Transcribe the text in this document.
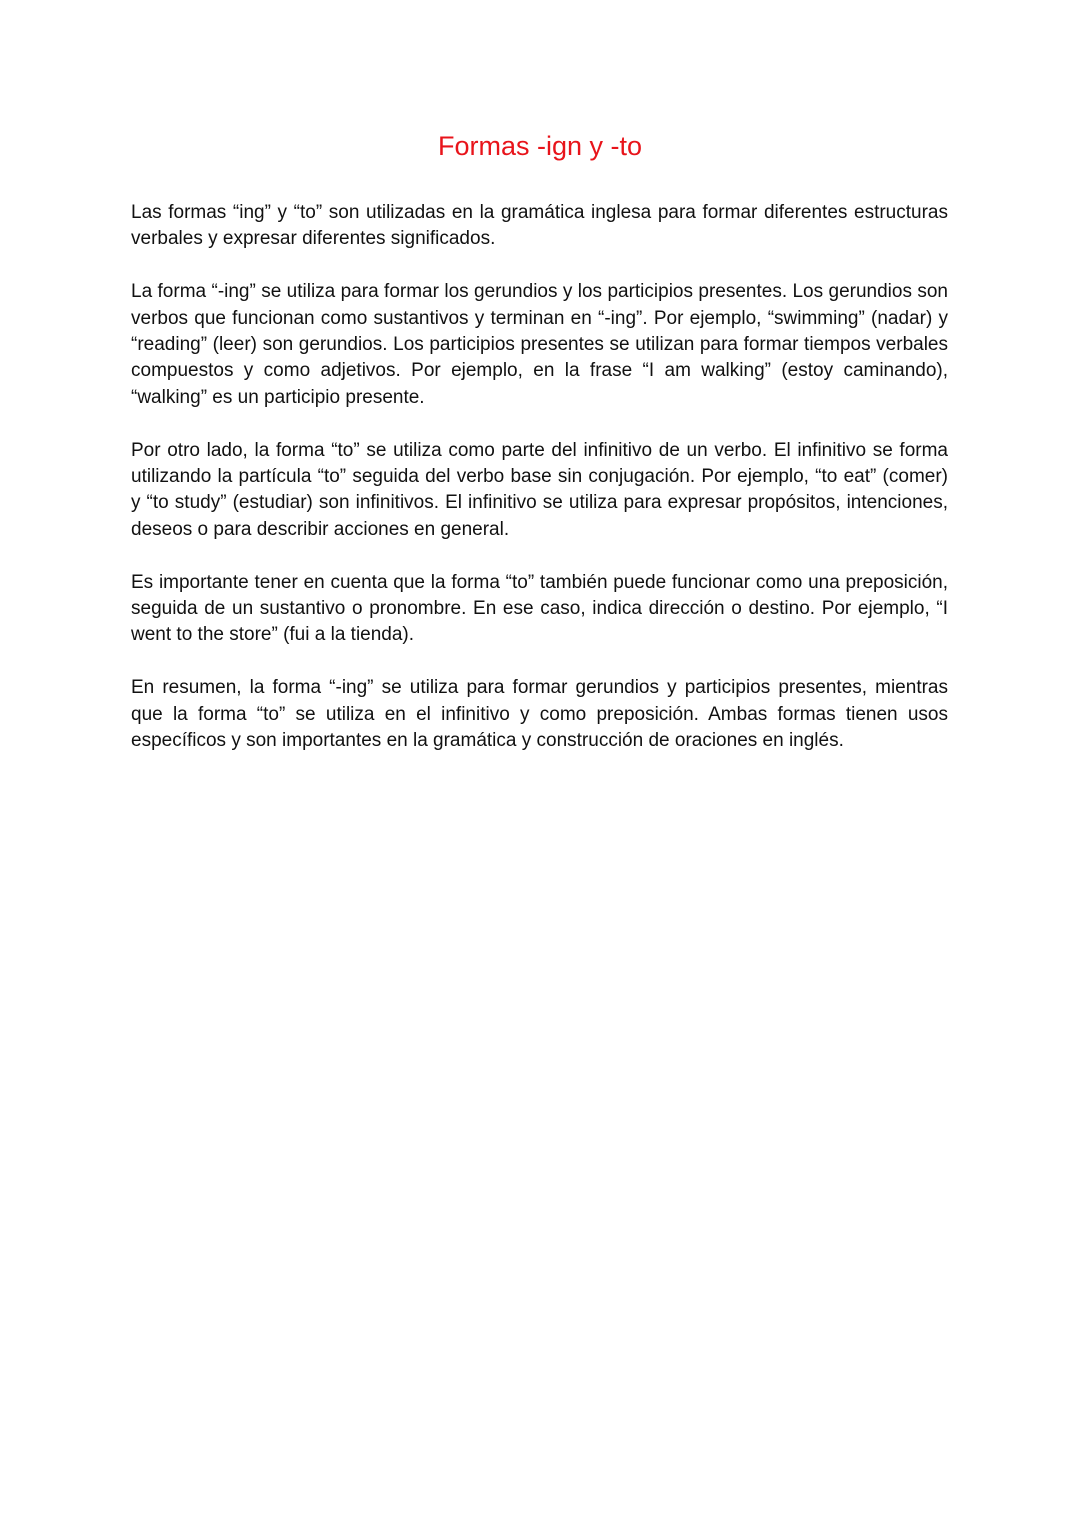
Formas -ign y -to

Las formas “ing” y “to” son utilizadas en la gramática inglesa para formar diferentes estructuras verbales y expresar diferentes significados.

La forma “-ing” se utiliza para formar los gerundios y los participios presentes. Los gerundios son verbos que funcionan como sustantivos y terminan en “-ing”. Por ejemplo, “swimming” (nadar) y “reading” (leer) son gerundios. Los participios presentes se utilizan para formar tiempos verbales compuestos y como adjetivos. Por ejemplo, en la frase “I am walking” (estoy caminando), “walking” es un participio presente.

Por otro lado, la forma “to” se utiliza como parte del infinitivo de un verbo. El infinitivo se forma utilizando la partícula “to” seguida del verbo base sin conjugación. Por ejemplo, “to eat” (comer) y “to study” (estudiar) son infinitivos. El infinitivo se utiliza para expresar propósitos, intenciones, deseos o para describir acciones en general.

Es importante tener en cuenta que la forma “to” también puede funcionar como una preposición, seguida de un sustantivo o pronombre. En ese caso, indica dirección o destino. Por ejemplo, “I went to the store” (fui a la tienda).

En resumen, la forma “-ing” se utiliza para formar gerundios y participios presentes, mientras que la forma “to” se utiliza en el infinitivo y como preposición. Ambas formas tienen usos específicos y son importantes en la gramática y construcción de oraciones en inglés.
